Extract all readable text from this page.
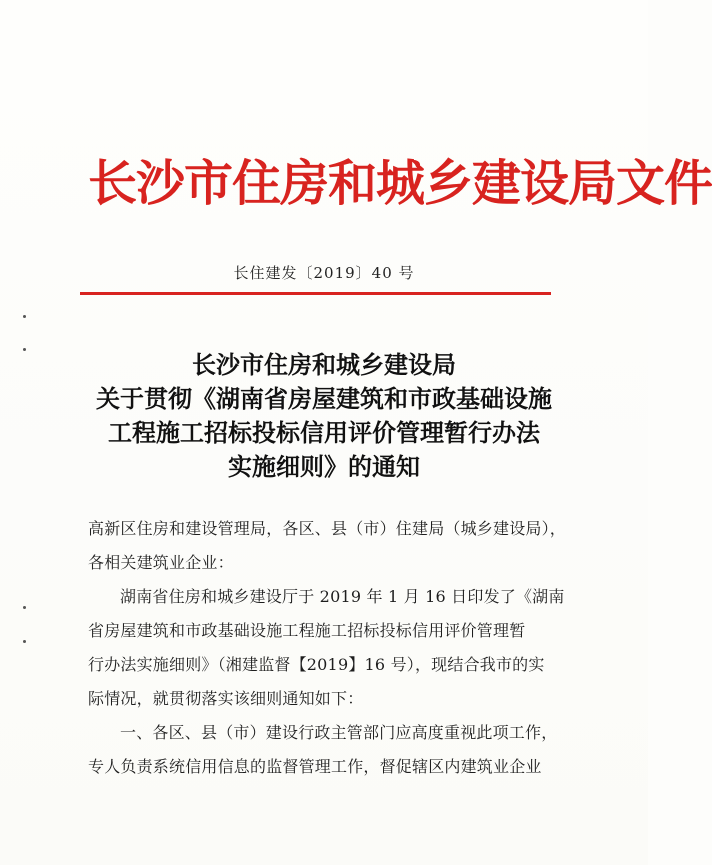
长沙市住房和城乡建设局文件
长住建发〔2019〕40 号
长沙市住房和城乡建设局
关于贯彻《湖南省房屋建筑和市政基础设施
工程施工招标投标信用评价管理暂行办法
实施细则》的通知
高新区住房和建设管理局，各区、县（市）住建局（城乡建设局），
各相关建筑业企业：
湖南省住房和城乡建设厅于 2019 年 1 月 16 日印发了《湖南
省房屋建筑和市政基础设施工程施工招标投标信用评价管理暂
行办法实施细则》（湘建监督【2019】16 号），现结合我市的实
际情况，就贯彻落实该细则通知如下：
一、各区、县（市）建设行政主管部门应高度重视此项工作，
专人负责系统信用信息的监督管理工作，督促辖区内建筑业企业
